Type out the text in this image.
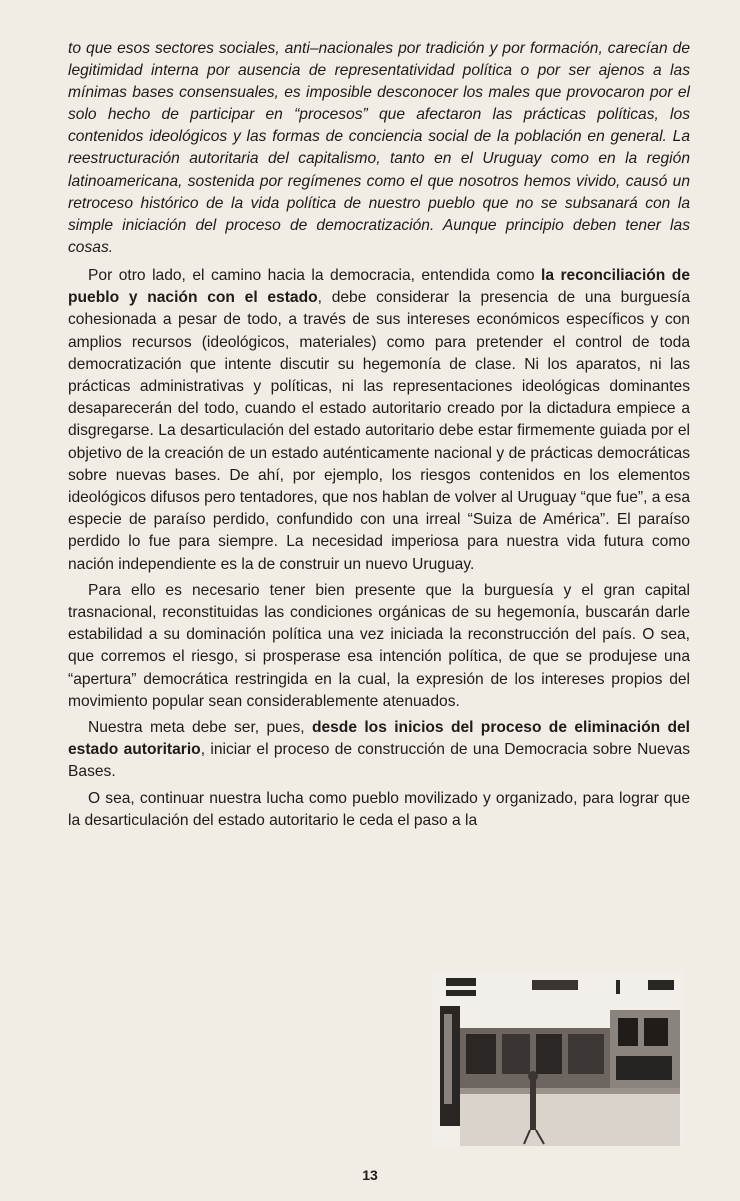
to que esos sectores sociales, anti–nacionales por tradición y por formación, carecían de legitimidad interna por ausencia de representatividad política o por ser ajenos a las mínimas bases consensuales, es imposible desconocer los males que provocaron por el solo hecho de participar en “procesos” que afectaron las prácticas políticas, los contenidos ideológicos y las formas de conciencia social de la población en general. La reestructuración autoritaria del capitalismo, tanto en el Uruguay como en la región latinoamericana, sostenida por regímenes como el que nosotros hemos vivido, causó un retroceso histórico de la vida política de nuestro pueblo que no se subsanará con la simple iniciación del proceso de democratización. Aunque principio deben tener las cosas.

Por otro lado, el camino hacia la democracia, entendida como la reconciliación de pueblo y nación con el estado, debe considerar la presencia de una burguesía cohesionada a pesar de todo, a través de sus intereses económicos específicos y con amplios recursos (ideológicos, materiales) como para pretender el control de toda democratización que intente discutir su hegemonía de clase. Ni los aparatos, ni las prácticas administrativas y políticas, ni las representaciones ideológicas dominantes desaparecerán del todo, cuando el estado autoritario creado por la dictadura empiece a disgregarse. La desarticulación del estado autoritario debe estar firmemente guiada por el objetivo de la creación de un estado auténticamente nacional y de prácticas democráticas sobre nuevas bases. De ahí, por ejemplo, los riesgos contenidos en los elementos ideológicos difusos pero tentadores, que nos hablan de volver al Uruguay “que fue”, a esa especie de paraíso perdido, confundido con una irreal “Suiza de América”. El paraíso perdido lo fue para siempre. La necesidad imperiosa para nuestra vida futura como nación independiente es la de construir un nuevo Uruguay.

Para ello es necesario tener bien presente que la burguesía y el gran capital trasnacional, reconstituidas las condiciones orgánicas de su hegemonía, buscarán darle estabilidad a su dominación política una vez iniciada la reconstrucción del país. O sea, que corremos el riesgo, si prosperase esa intención política, de que se produjese una “apertura” democrática restringida en la cual, la expresión de los intereses propios del movimiento popular sean considerablemente atenuados.

Nuestra meta debe ser, pues, desde los inicios del proceso de eliminación del estado autoritario, iniciar el proceso de construcción de una Democracia sobre Nuevas Bases.

O sea, continuar nuestra lucha como pueblo movilizado y organizado, para lograr que la desarticulación del estado autoritario le ceda el paso a la

13
